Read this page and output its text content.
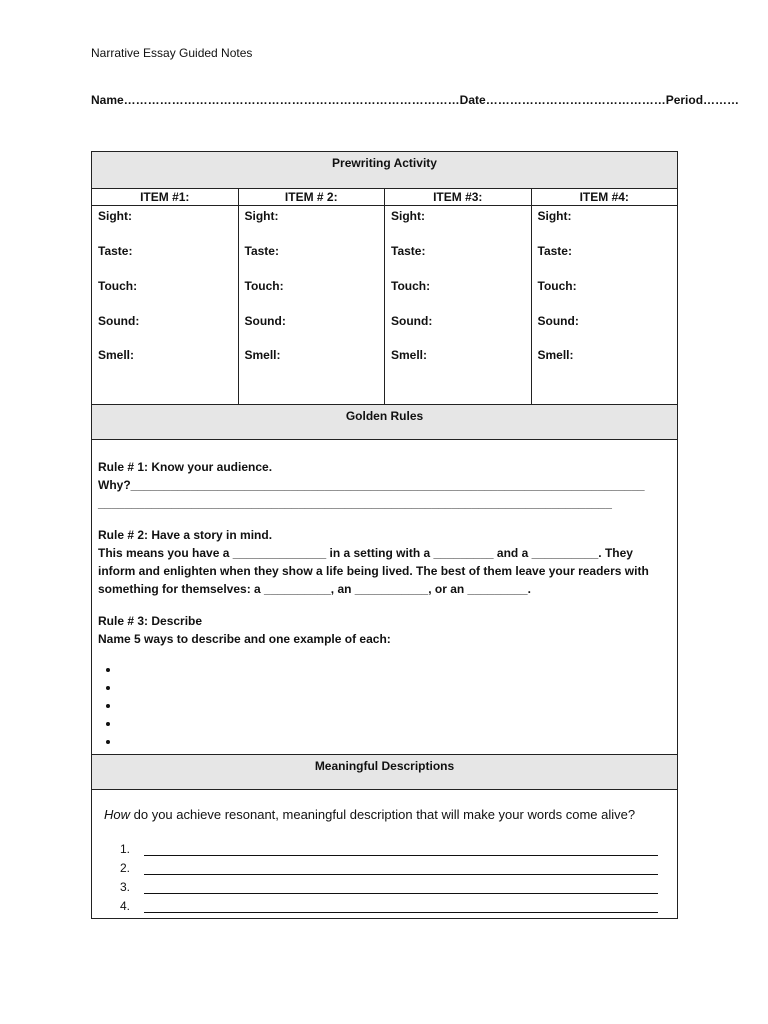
Narrative Essay Guided Notes
Name…………………………………………………………………………Date………………………………………Period………
Prewriting Activity
ITEM #1:
Sight:
Taste:
Touch:
Sound:
Smell:
ITEM # 2:
Sight:
Taste:
Touch:
Sound:
Smell:
ITEM #3:
Sight:
Taste:
Touch:
Sound:
Smell:
ITEM #4:
Sight:
Taste:
Touch:
Sound:
Smell:
Golden Rules

Rule # 1: Know your audience.

Why?_____________________________________________________________________________

_____________________________________________________________________________

Rule # 2: Have a story in mind.

This means you have a ______________ in a setting with a _________ and a __________. They

inform and enlighten when they show a life being lived. The best of them leave your readers with

something for themselves: a __________, an ___________, or an _________.

Rule # 3: Describe

Name 5 ways to describe and one example of each:

•
•
•
•
•
Meaningful Descriptions
How do you achieve resonant, meaningful description that will make your words come alive?
1.
2.
3.
4.
